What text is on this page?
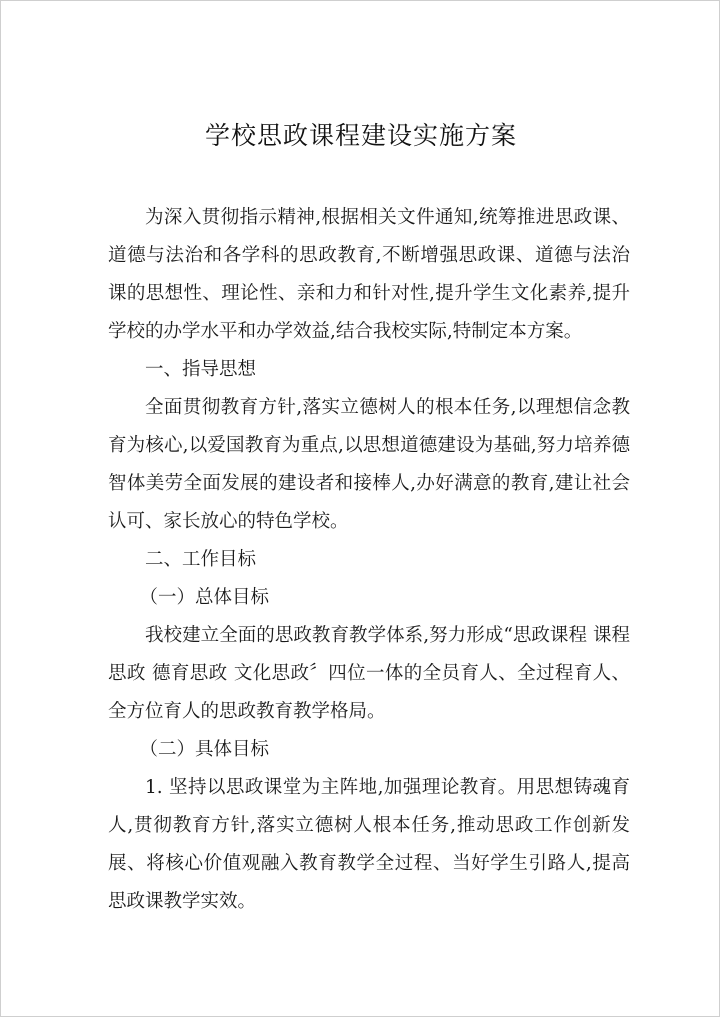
学校思政课程建设实施方案

为深入贯彻指示精神,根据相关文件通知,统筹推进思政课、道德与法治和各学科的思政教育,不断增强思政课、道德与法治课的思想性、理论性、亲和力和针对性,提升学生文化素养,提升学校的办学水平和办学效益,结合我校实际,特制定本方案。

一、指导思想

全面贯彻教育方针,落实立德树人的根本任务,以理想信念教育为核心,以爱国教育为重点,以思想道德建设为基础,努力培养德智体美劳全面发展的建设者和接棒人,办好满意的教育,建让社会认可、家长放心的特色学校。

二、工作目标

（一）总体目标

我校建立全面的思政教育教学体系,努力形成“思政课程 课程思政 德育思政 文化思政〞四位一体的全员育人、全过程育人、全方位育人的思政教育教学格局。

（二）具体目标

1. 坚持以思政课堂为主阵地,加强理论教育。用思想铸魂育人,贯彻教育方针,落实立德树人根本任务,推动思政工作创新发展、将核心价值观融入教育教学全过程、当好学生引路人,提高思政课教学实效。
